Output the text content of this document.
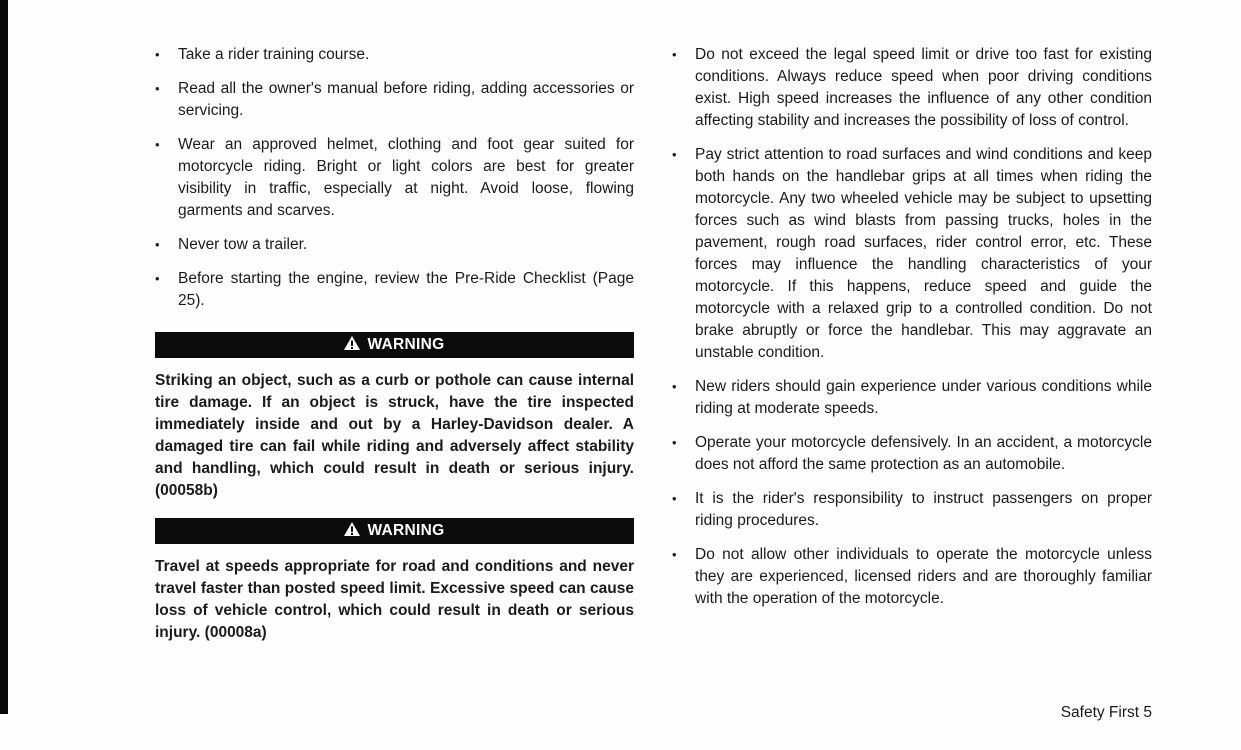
•	Take a rider training course.
•	Read all the owner's manual before riding, adding accessories or servicing.
•	Wear an approved helmet, clothing and foot gear suited for motorcycle riding. Bright or light colors are best for greater visibility in traffic, especially at night. Avoid loose, flowing garments and scarves.
•	Never tow a trailer.
•	Before starting the engine, review the Pre-Ride Checklist (Page 25).
WARNING

Striking an object, such as a curb or pothole can cause internal tire damage. If an object is struck, have the tire inspected immediately inside and out by a Harley-Davidson dealer. A damaged tire can fail while riding and adversely affect stability and handling, which could result in death or serious injury. (00058b)

WARNING

Travel at speeds appropriate for road and conditions and never travel faster than posted speed limit. Excessive speed can cause loss of vehicle control, which could result in death or serious injury. (00008a)

•	Do not exceed the legal speed limit or drive too fast for existing conditions. Always reduce speed when poor driving conditions exist. High speed increases the influence of any other condition affecting stability and increases the possibility of loss of control.
•	Pay strict attention to road surfaces and wind conditions and keep both hands on the handlebar grips at all times when riding the motorcycle. Any two wheeled vehicle may be subject to upsetting forces such as wind blasts from passing trucks, holes in the pavement, rough road surfaces, rider control error, etc. These forces may influence the handling characteristics of your motorcycle. If this happens, reduce speed and guide the motorcycle with a relaxed grip to a controlled condition. Do not brake abruptly or force the handlebar. This may aggravate an unstable condition.
•	New riders should gain experience under various conditions while riding at moderate speeds.
•	Operate your motorcycle defensively. In an accident, a motorcycle does not afford the same protection as an automobile.
•	It is the rider's responsibility to instruct passengers on proper riding procedures.
•	Do not allow other individuals to operate the motorcycle unless they are experienced, licensed riders and are thoroughly familiar with the operation of the motorcycle.
Safety First 5
